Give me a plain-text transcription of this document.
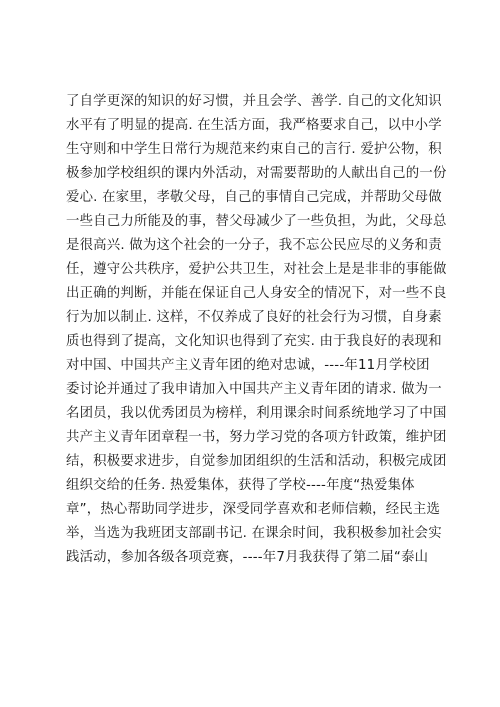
了自学更深的知识的好习惯，并且会学、善学. 自己的文化知识
水平有了明显的提高. 在生活方面，我严格要求自己，以中小学
生守则和中学生日常行为规范来约束自己的言行. 爱护公物，积
极参加学校组织的课内外活动，对需要帮助的人献出自己的一份
爱心. 在家里，孝敬父母，自己的事情自己完成，并帮助父母做
一些自己力所能及的事，替父母减少了一些负担，为此，父母总
是很高兴. 做为这个社会的一分子，我不忘公民应尽的义务和责
任，遵守公共秩序，爱护公共卫生，对社会上是是非非的事能做
出正确的判断，并能在保证自己人身安全的情况下，对一些不良
行为加以制止. 这样，不仅养成了良好的社会行为习惯，自身素
质也得到了提高，文化知识也得到了充实. 由于我良好的表现和
对中国、中国共产主义青年团的绝对忠诚，----年11月学校团
委讨论并通过了我申请加入中国共产主义青年团的请求. 做为一
名团员，我以优秀团员为榜样，利用课余时间系统地学习了中国
共产主义青年团章程一书，努力学习党的各项方针政策，维护团
结，积极要求进步，自觉参加团组织的生活和活动，积极完成团
组织交给的任务. 热爱集体，获得了学校----年度“热爱集体
章”，热心帮助同学进步，深受同学喜欢和老师信赖，经民主选
举，当选为我班团支部副书记. 在课余时间，我积极参加社会实
践活动，参加各级各项竞赛，----年7月我获得了第二届“泰山
